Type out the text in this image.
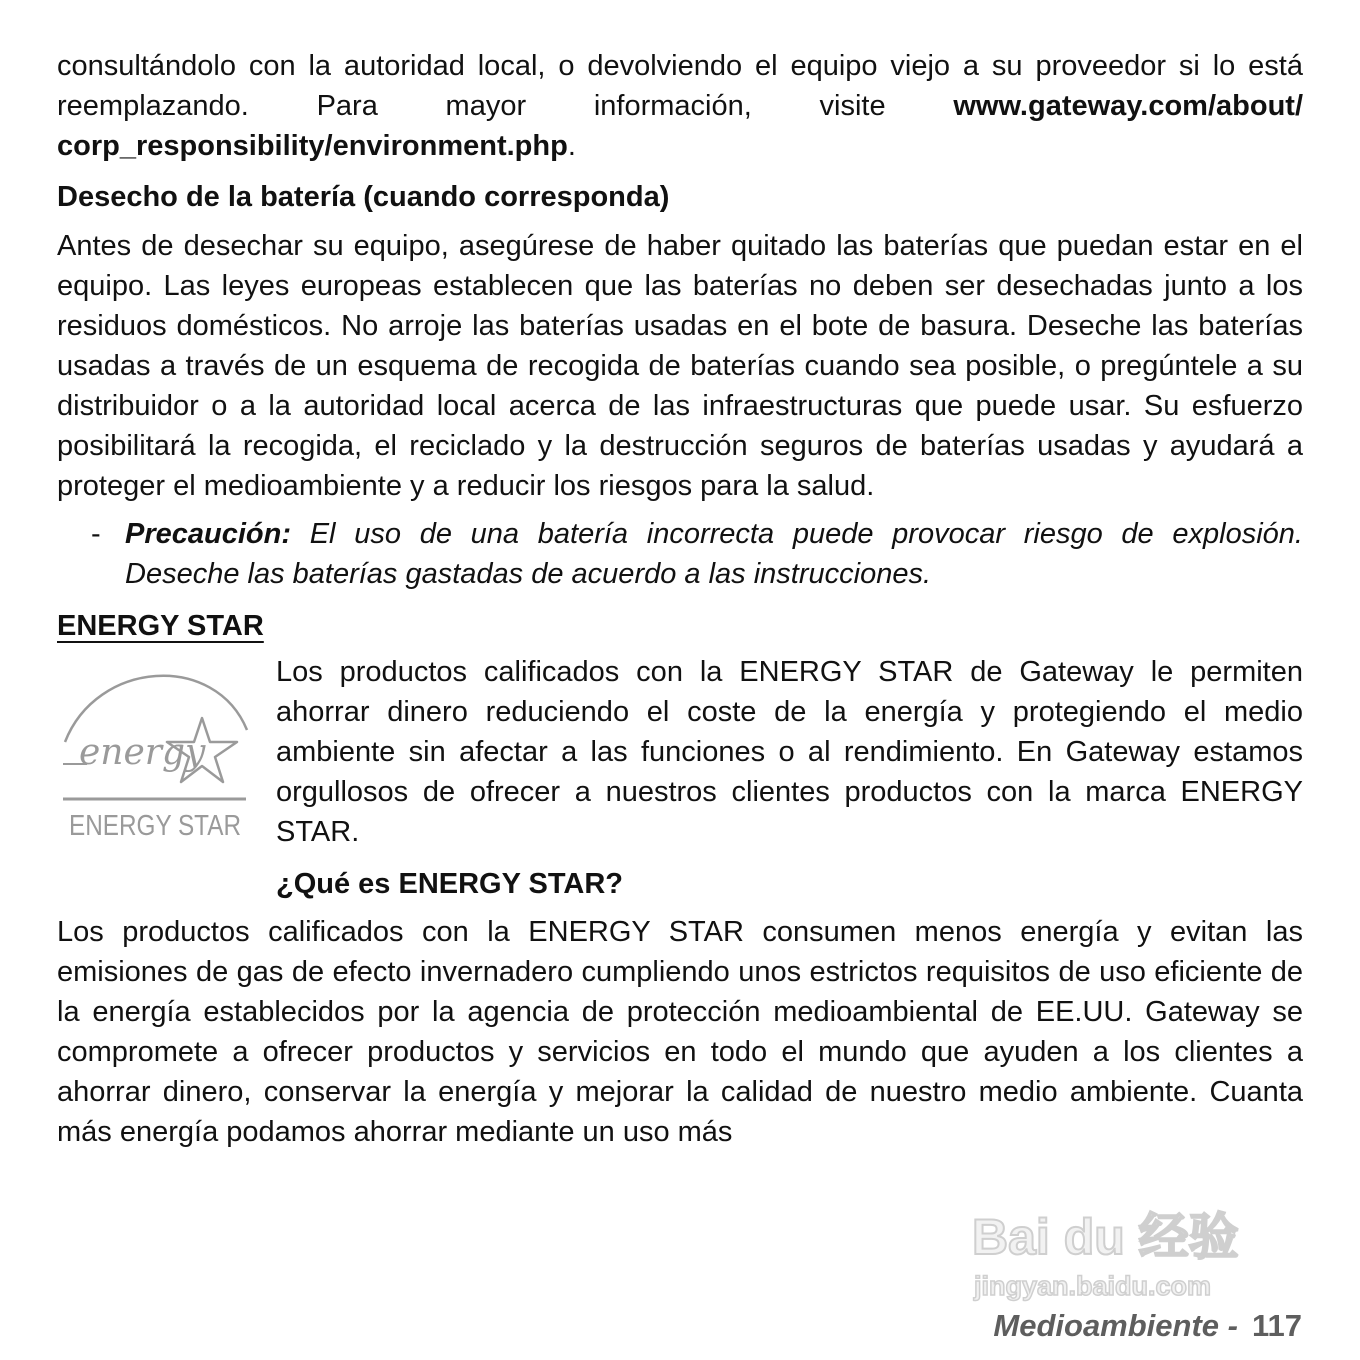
consultándolo con la autoridad local, o devolviendo el equipo viejo a su proveedor si lo está reemplazando. Para mayor información, visite www.gateway.com/about/ corp_responsibility/environment.php.

Desecho de la batería (cuando corresponda)

Antes de desechar su equipo, asegúrese de haber quitado las baterías que puedan estar en el equipo. Las leyes europeas establecen que las baterías no deben ser desechadas junto a los residuos domésticos. No arroje las baterías usadas en el bote de basura. Deseche las baterías usadas a través de un esquema de recogida de baterías cuando sea posible, o pregúntele a su distribuidor o a la autoridad local acerca de las infraestructuras que puede usar. Su esfuerzo posibilitará la recogida, el reciclado y la destrucción seguros de baterías usadas y ayudará a proteger el medioambiente y a reducir los riesgos para la salud.

- Precaución: El uso de una batería incorrecta puede provocar riesgo de explosión. Deseche las baterías gastadas de acuerdo a las instrucciones.

ENERGY STAR
energy
ENERGY STAR

Los productos calificados con la ENERGY STAR de Gateway le permiten ahorrar dinero reduciendo el coste de la energía y protegiendo el medio ambiente sin afectar a las funciones o al rendimiento. En Gateway estamos orgullosos de ofrecer a nuestros clientes productos con la marca ENERGY STAR.

¿Qué es ENERGY STAR?

Los productos calificados con la ENERGY STAR consumen menos energía y evitan las emisiones de gas de efecto invernadero cumpliendo unos estrictos requisitos de uso eficiente de la energía establecidos por la agencia de protección medioambiental de EE.UU. Gateway se compromete a ofrecer productos y servicios en todo el mundo que ayuden a los clientes a ahorrar dinero, conservar la energía y mejorar la calidad de nuestro medio ambiente. Cuanta más energía podamos ahorrar mediante un uso más

Bai du 经验
jingyan.baidu.com
Medioambiente - 117
